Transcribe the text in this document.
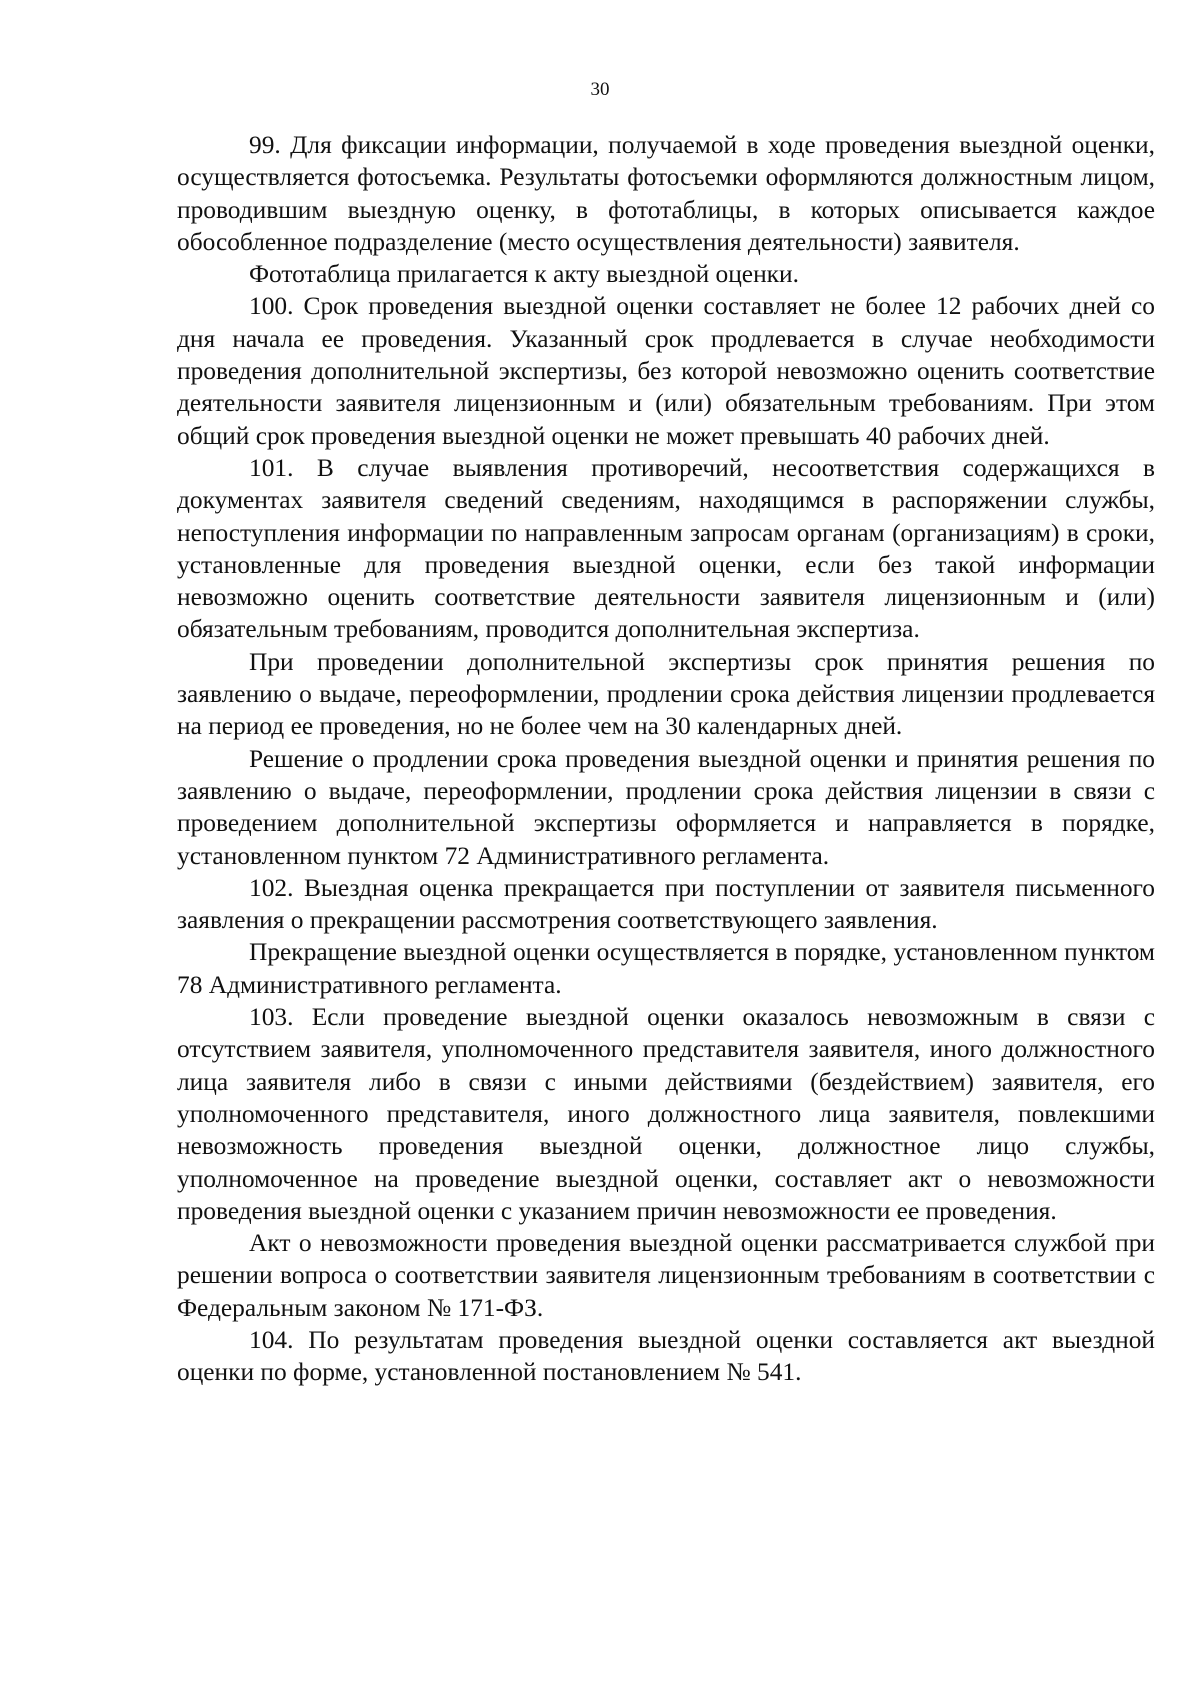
30

99. Для фиксации информации, получаемой в ходе проведения выездной оценки, осуществляется фотосъемка. Результаты фотосъемки оформляются должностным лицом, проводившим выездную оценку, в фототаблицы, в которых описывается каждое обособленное подразделение (место осуществления деятельности) заявителя.

Фототаблица прилагается к акту выездной оценки.

100. Срок проведения выездной оценки составляет не более 12 рабочих дней со дня начала ее проведения. Указанный срок продлевается в случае необходимости проведения дополнительной экспертизы, без которой невозможно оценить соответствие деятельности заявителя лицензионным и (или) обязательным требованиям. При этом общий срок проведения выездной оценки не может превышать 40 рабочих дней.

101. В случае выявления противоречий, несоответствия содержащихся в документах заявителя сведений сведениям, находящимся в распоряжении службы, непоступления информации по направленным запросам органам (организациям) в сроки, установленные для проведения выездной оценки, если без такой информации невозможно оценить соответствие деятельности заявителя лицензионным и (или) обязательным требованиям, проводится дополнительная экспертиза.

При проведении дополнительной экспертизы срок принятия решения по заявлению о выдаче, переоформлении, продлении срока действия лицензии продлевается на период ее проведения, но не более чем на 30 календарных дней.

Решение о продлении срока проведения выездной оценки и принятия решения по заявлению о выдаче, переоформлении, продлении срока действия лицензии в связи с проведением дополнительной экспертизы оформляется и направляется в порядке, установленном пунктом 72 Административного регламента.

102. Выездная оценка прекращается при поступлении от заявителя письменного заявления о прекращении рассмотрения соответствующего заявления.

Прекращение выездной оценки осуществляется в порядке, установленном пунктом 78 Административного регламента.

103. Если проведение выездной оценки оказалось невозможным в связи с отсутствием заявителя, уполномоченного представителя заявителя, иного должностного лица заявителя либо в связи с иными действиями (бездействием) заявителя, его уполномоченного представителя, иного должностного лица заявителя, повлекшими невозможность проведения выездной оценки, должностное лицо службы, уполномоченное на проведение выездной оценки, составляет акт о невозможности проведения выездной оценки с указанием причин невозможности ее проведения.

Акт о невозможности проведения выездной оценки рассматривается службой при решении вопроса о соответствии заявителя лицензионным требованиям в соответствии с Федеральным законом № 171-ФЗ.

104. По результатам проведения выездной оценки составляется акт выездной оценки по форме, установленной постановлением № 541.
